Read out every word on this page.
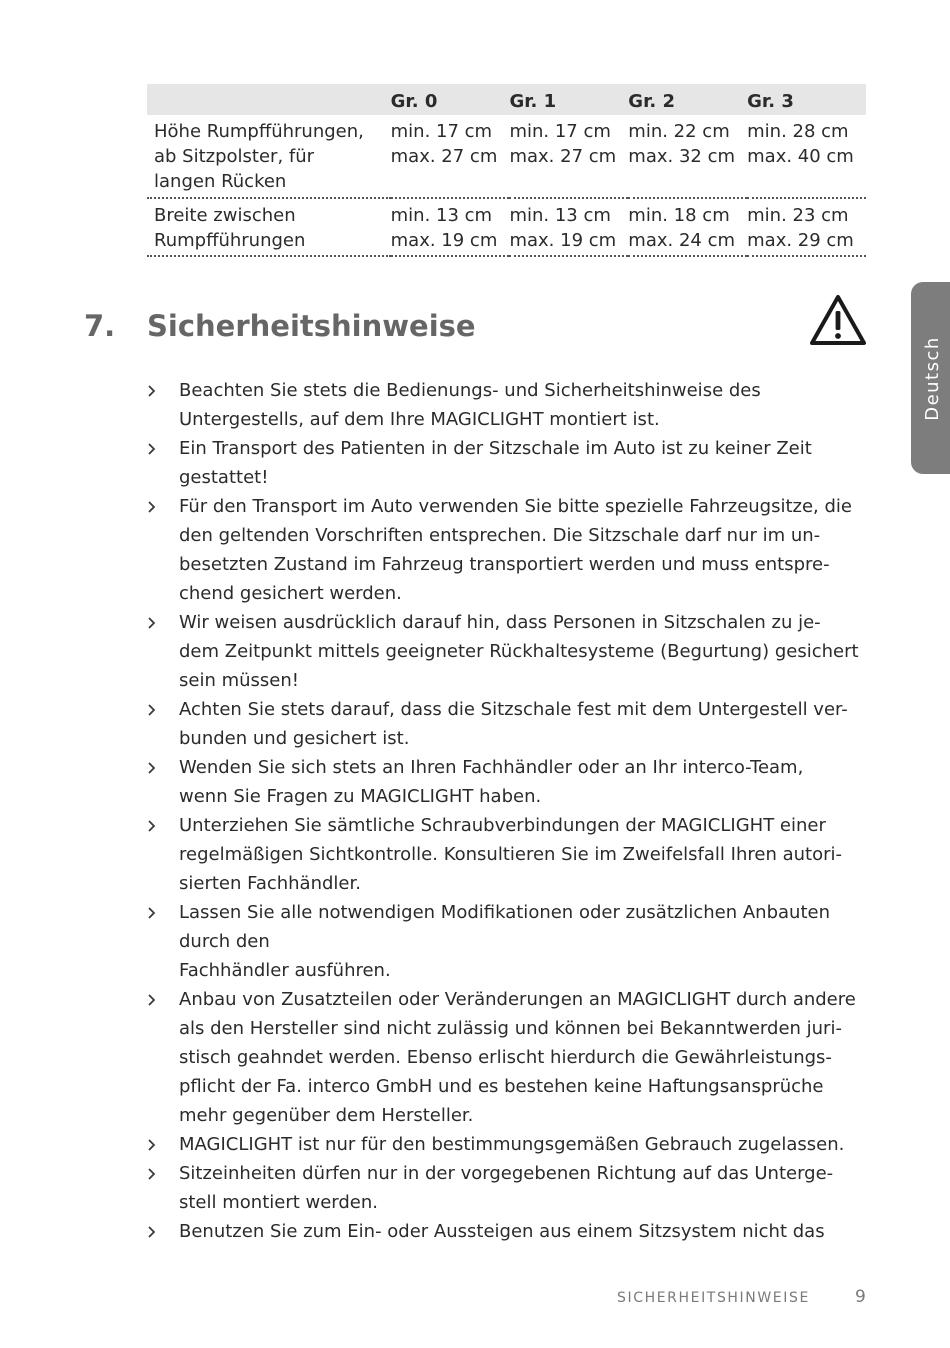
	Gr. 0	Gr. 1	Gr. 2	Gr. 3

Höhe Rumpfführungen,
ab Sitzpolster, für
langen Rücken	min. 17 cm
max. 27 cm	min. 17 cm
max. 27 cm	min. 22 cm
max. 32 cm	min. 28 cm
max. 40 cm

Breite zwischen
Rumpfführungen	min. 13 cm
max. 19 cm	min. 13 cm
max. 19 cm	min. 18 cm
max. 24 cm	min. 23 cm
max. 29 cm
Deutsch
7. Sicherheitshinweise
Beachten Sie stets die Bedienungs- und Sicherheitshinweise des
Untergestells, auf dem Ihre MAGICLIGHT montiert ist.
Ein Transport des Patienten in der Sitzschale im Auto ist zu keiner Zeit
gestattet!
Für den Transport im Auto verwenden Sie bitte spezielle Fahrzeugsitze, die
den geltenden Vorschriften entsprechen. Die Sitzschale darf nur im un-
besetzten Zustand im Fahrzeug transportiert werden und muss entspre-
chend gesichert werden.
Wir weisen ausdrücklich darauf hin, dass Personen in Sitzschalen zu je-
dem Zeitpunkt mittels geeigneter Rückhaltesysteme (Begurtung) gesichert
sein müssen!
Achten Sie stets darauf, dass die Sitzschale fest mit dem Untergestell ver-
bunden und gesichert ist.
Wenden Sie sich stets an Ihren Fachhändler oder an Ihr interco-Team,
wenn Sie Fragen zu MAGICLIGHT haben.
Unterziehen Sie sämtliche Schraubverbindungen der MAGICLIGHT einer
regelmäßigen Sichtkontrolle. Konsultieren Sie im Zweifelsfall Ihren autori-
sierten Fachhändler.
Lassen Sie alle notwendigen Modifikationen oder zusätzlichen Anbauten
durch den
Fachhändler ausführen.
Anbau von Zusatzteilen oder Veränderungen an MAGICLIGHT durch andere
als den Hersteller sind nicht zulässig und können bei Bekanntwerden juri-
stisch geahndet werden. Ebenso erlischt hierdurch die Gewährleistungs-
pflicht der Fa. interco GmbH und es bestehen keine Haftungsansprüche
mehr gegenüber dem Hersteller.
MAGICLIGHT ist nur für den bestimmungsgemäßen Gebrauch zugelassen.
Sitzeinheiten dürfen nur in der vorgegebenen Richtung auf das Unterge-
stell montiert werden.
Benutzen Sie zum Ein- oder Aussteigen aus einem Sitzsystem nicht das
SICHERHEITSHINWEISE	9
